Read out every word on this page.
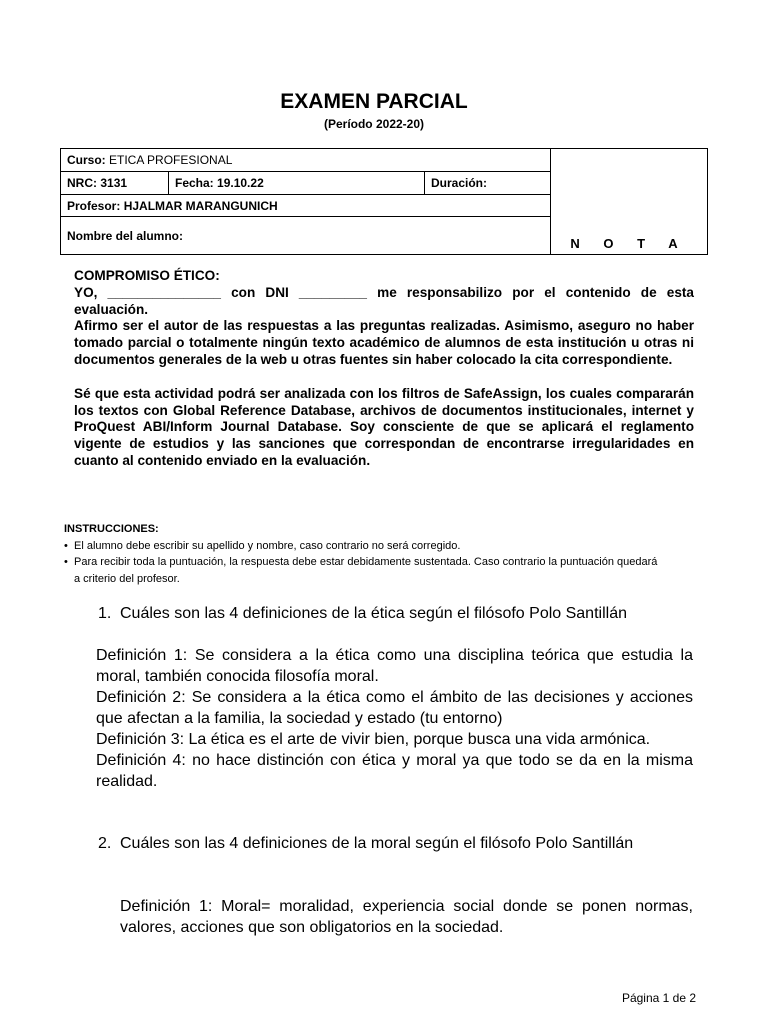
EXAMEN PARCIAL
(Período 2022-20)
Curso: ETICA PROFESIONAL			N O T A
NRC: 3131	Fecha: 19.10.22	Duración:	
Profesor: HJALMAR MARANGUNICH			
Nombre del alumno:			

COMPROMISO ÉTICO:

YO, _______________ con DNI _________ me responsabilizo por el contenido de esta evaluación.

Afirmo ser el autor de las respuestas a las preguntas realizadas. Asimismo, aseguro no haber tomado parcial o totalmente ningún texto académico de alumnos de esta institución u otras ni documentos generales de la web u otras fuentes sin haber colocado la cita correspondiente.

Sé que esta actividad podrá ser analizada con los filtros de SafeAssign, los cuales compararán los textos con Global Reference Database, archivos de documentos institucionales, internet y ProQuest ABI/Inform Journal Database. Soy consciente de que se aplicará el reglamento vigente de estudios y las sanciones que correspondan de encontrarse irregularidades en cuanto al contenido enviado en la evaluación.

INSTRUCCIONES:
• El alumno debe escribir su apellido y nombre, caso contrario no será corregido.
• Para recibir toda la puntuación, la respuesta debe estar debidamente sustentada. Caso contrario la puntuación quedará a criterio del profesor.
1. Cuáles son las 4 definiciones de la ética según el filósofo Polo Santillán

Definición 1: Se considera a la ética como una disciplina teórica que estudia la moral, también conocida filosofía moral.

Definición 2: Se considera a la ética como el ámbito de las decisiones y acciones que afectan a la familia, la sociedad y estado (tu entorno)

Definición 3: La ética es el arte de vivir bien, porque busca una vida armónica.

Definición 4: no hace distinción con ética y moral ya que todo se da en la misma realidad.

2. Cuáles son las 4 definiciones de la moral según el filósofo Polo Santillán

Definición 1: Moral= moralidad, experiencia social donde se ponen normas, valores, acciones que son obligatorios en la sociedad.

Página 1 de 2
